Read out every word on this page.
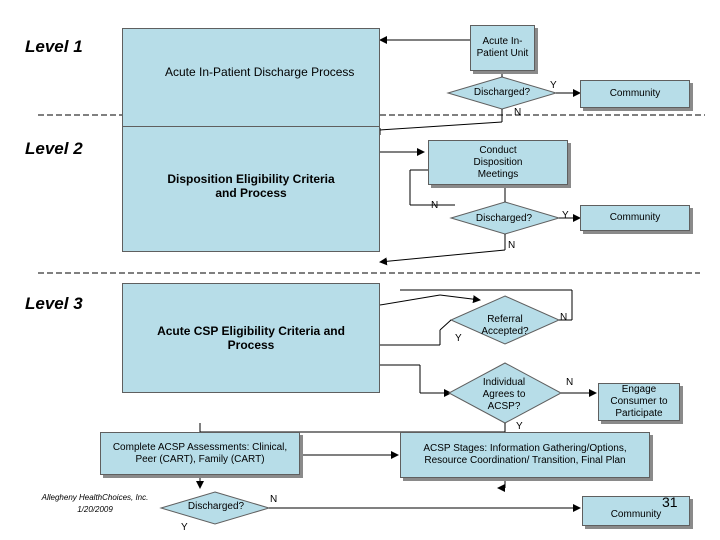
Level 1
Level 2
Level 3
Acute In-Patient Discharge Process
Acute In-Patient Unit
Discharged?
Y
N
Community
Disposition Eligibility Criteria and Process
Conduct Disposition Meetings
N
Discharged?	Y
N
Community
Acute CSP Eligibility Criteria and Process
Referral Accepted?
Y
N
Individual Agrees to ACSP?
N
Y
Engage Consumer to Participate
Complete ACSP Assessments: Clinical, Peer (CART), Family (CART)
ACSP Stages: Information Gathering/Options, Resource Coordination/ Transition, Final Plan
Discharged?
N
Y
Community
Allegheny HealthChoices, Inc.
1/20/2009	31
